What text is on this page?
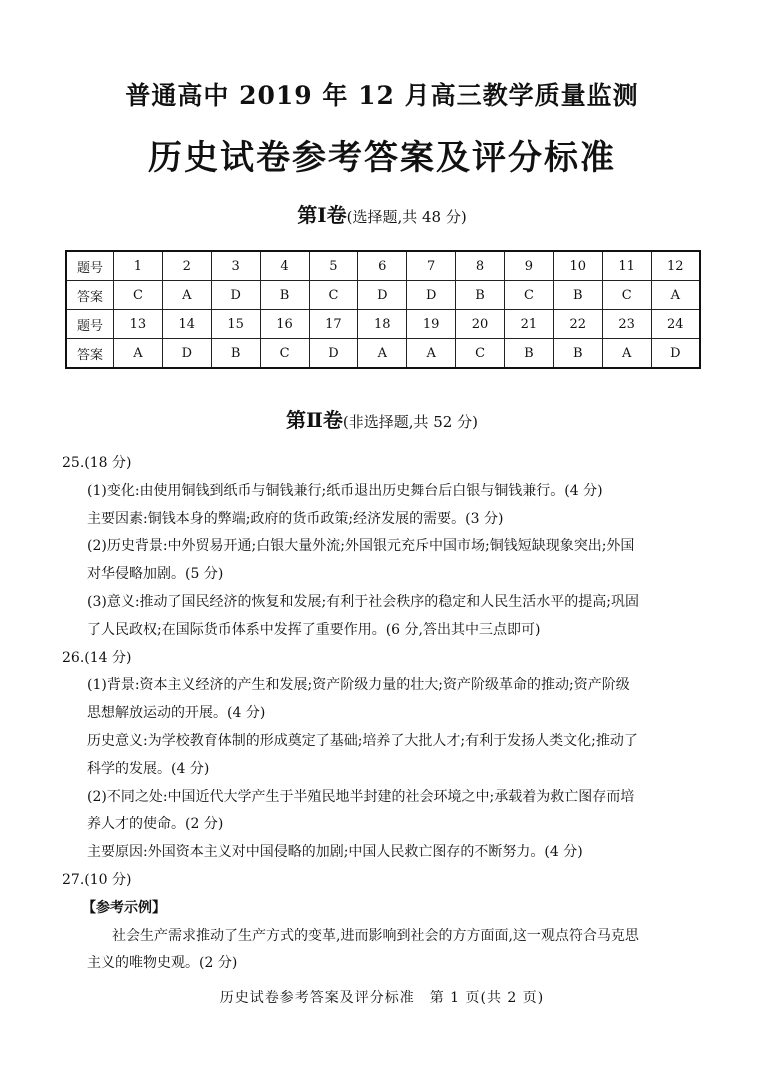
普通高中 2019 年 12 月高三教学质量监测
历史试卷参考答案及评分标准
第Ⅰ卷(选择题,共 48 分)
题号	1	2	3	4	5	6	7	8	9	10	11	12
答案	C	A	D	B	C	D	D	B	C	B	C	A
题号	13	14	15	16	17	18	19	20	21	22	23	24
答案	A	D	B	C	D	A	A	C	B	B	A	D
第Ⅱ卷(非选择题,共 52 分)

25.(18 分)

(1)变化:由使用铜钱到纸币与铜钱兼行;纸币退出历史舞台后白银与铜钱兼行。(4 分)

主要因素:铜钱本身的弊端;政府的货币政策;经济发展的需要。(3 分)

(2)历史背景:中外贸易开通;白银大量外流;外国银元充斥中国市场;铜钱短缺现象突出;外国

对华侵略加剧。(5 分)

(3)意义:推动了国民经济的恢复和发展;有利于社会秩序的稳定和人民生活水平的提高;巩固

了人民政权;在国际货币体系中发挥了重要作用。(6 分,答出其中三点即可)

26.(14 分)

(1)背景:资本主义经济的产生和发展;资产阶级力量的壮大;资产阶级革命的推动;资产阶级

思想解放运动的开展。(4 分)

历史意义:为学校教育体制的形成奠定了基础;培养了大批人才;有利于发扬人类文化;推动了

科学的发展。(4 分)

(2)不同之处:中国近代大学产生于半殖民地半封建的社会环境之中;承载着为救亡图存而培

养人才的使命。(2 分)

主要原因:外国资本主义对中国侵略的加剧;中国人民救亡图存的不断努力。(4 分)

27.(10 分)

【参考示例】

社会生产需求推动了生产方式的变革,进而影响到社会的方方面面,这一观点符合马克思

主义的唯物史观。(2 分)

历史试卷参考答案及评分标准　第 1 页(共 2 页)
